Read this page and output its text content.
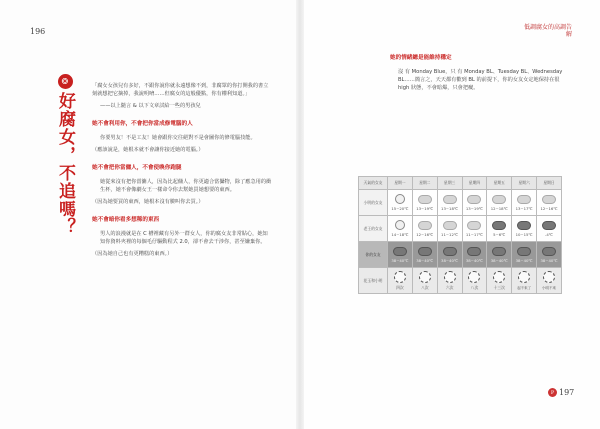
196
❂
好腐女，不追嗎？

「腐女女孩兒有多好，不跟你說你就永遠想像不到，非腐眾的你打開我的書立刻就想把它摘掉，我說明唷……但腐女的這般優點，你有權利知道。」

——以上隨言 & 以下文章試給一些的男孩兒

她不會利用你，不會把你當成修電腦的人

你要男友！不是工友！她會跟你交往絕對不是會圖你的修電腦技能。

（應該說是，她根本就不會讓你接近她的電腦。）

她不會把你當傭人，不會使喚你跑腿

她從來沒有把你當傭人，因為比起傭人，你更適合當攝物，除了應急用的衝生杯，她不會像劇女王一樣命令你去幫她買她想要的東西。

（因為她要買的東西，她根本沒有臉叫你去買。）

她不會暗你看多想稀的東西

男人的浪漫就是在 C 槽裡藏有另外一群女人，你的腐女友非常貼心，她知知你資料夾裡的每個毛仔驅動程式 2.0，卻不會去干涉你，甚至嫌棄你。

（因為她自己也有更糟糕的東西。）

低調腐女的高調告解
她的情緒總是能維持穩定

沒 有 Monday Blue，只 有 Monday BL、Tuesday BL、Wednesday BL……簡言之，天天都有歡到 BL 的前提下，你的女友女定地保持在很 high 狀態，不會暗爆，只會把癡。

天氣的女友	星期一	星期二	星期三	星期四	星期五	星期六	星期日
小明的女友	15~20℃	13~19℃	13~18℃	13~19℃	12~18℃	13~17℃	12~16℃
老王的女友	14~18℃	12~16℃	11~12℃	11~17℃	5~6℃	10~15℃	-4℃
你的女友	38~40℃	38~40℃	38~40℃	38~40℃	38~40℃	38~40℃	38~40℃
花玉和小明	四次	八次	六次	八次	十三次	起不來了	小明不來
P 197
